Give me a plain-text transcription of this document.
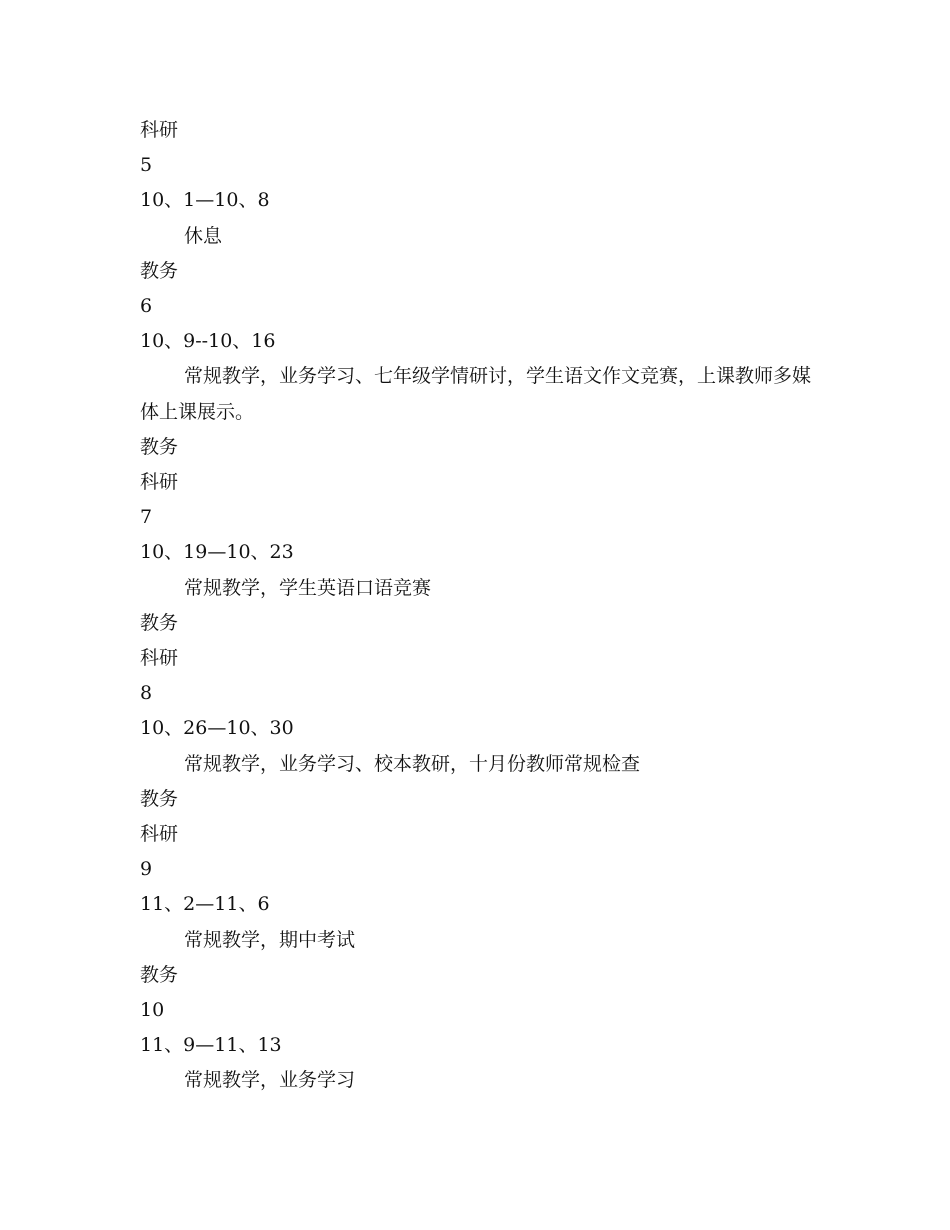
科研

5

10、1—10、8

休息

教务

6

10、9--10、16

常规教学，业务学习、七年级学情研讨，学生语文作文竞赛，上课教师多媒体上课展示。

教务

科研

7

10、19—10、23

常规教学，学生英语口语竞赛

教务

科研

8

10、26—10、30

常规教学，业务学习、校本教研，十月份教师常规检查

教务

科研

9

11、2—11、6

常规教学，期中考试

教务

10

11、9—11、13

常规教学，业务学习
